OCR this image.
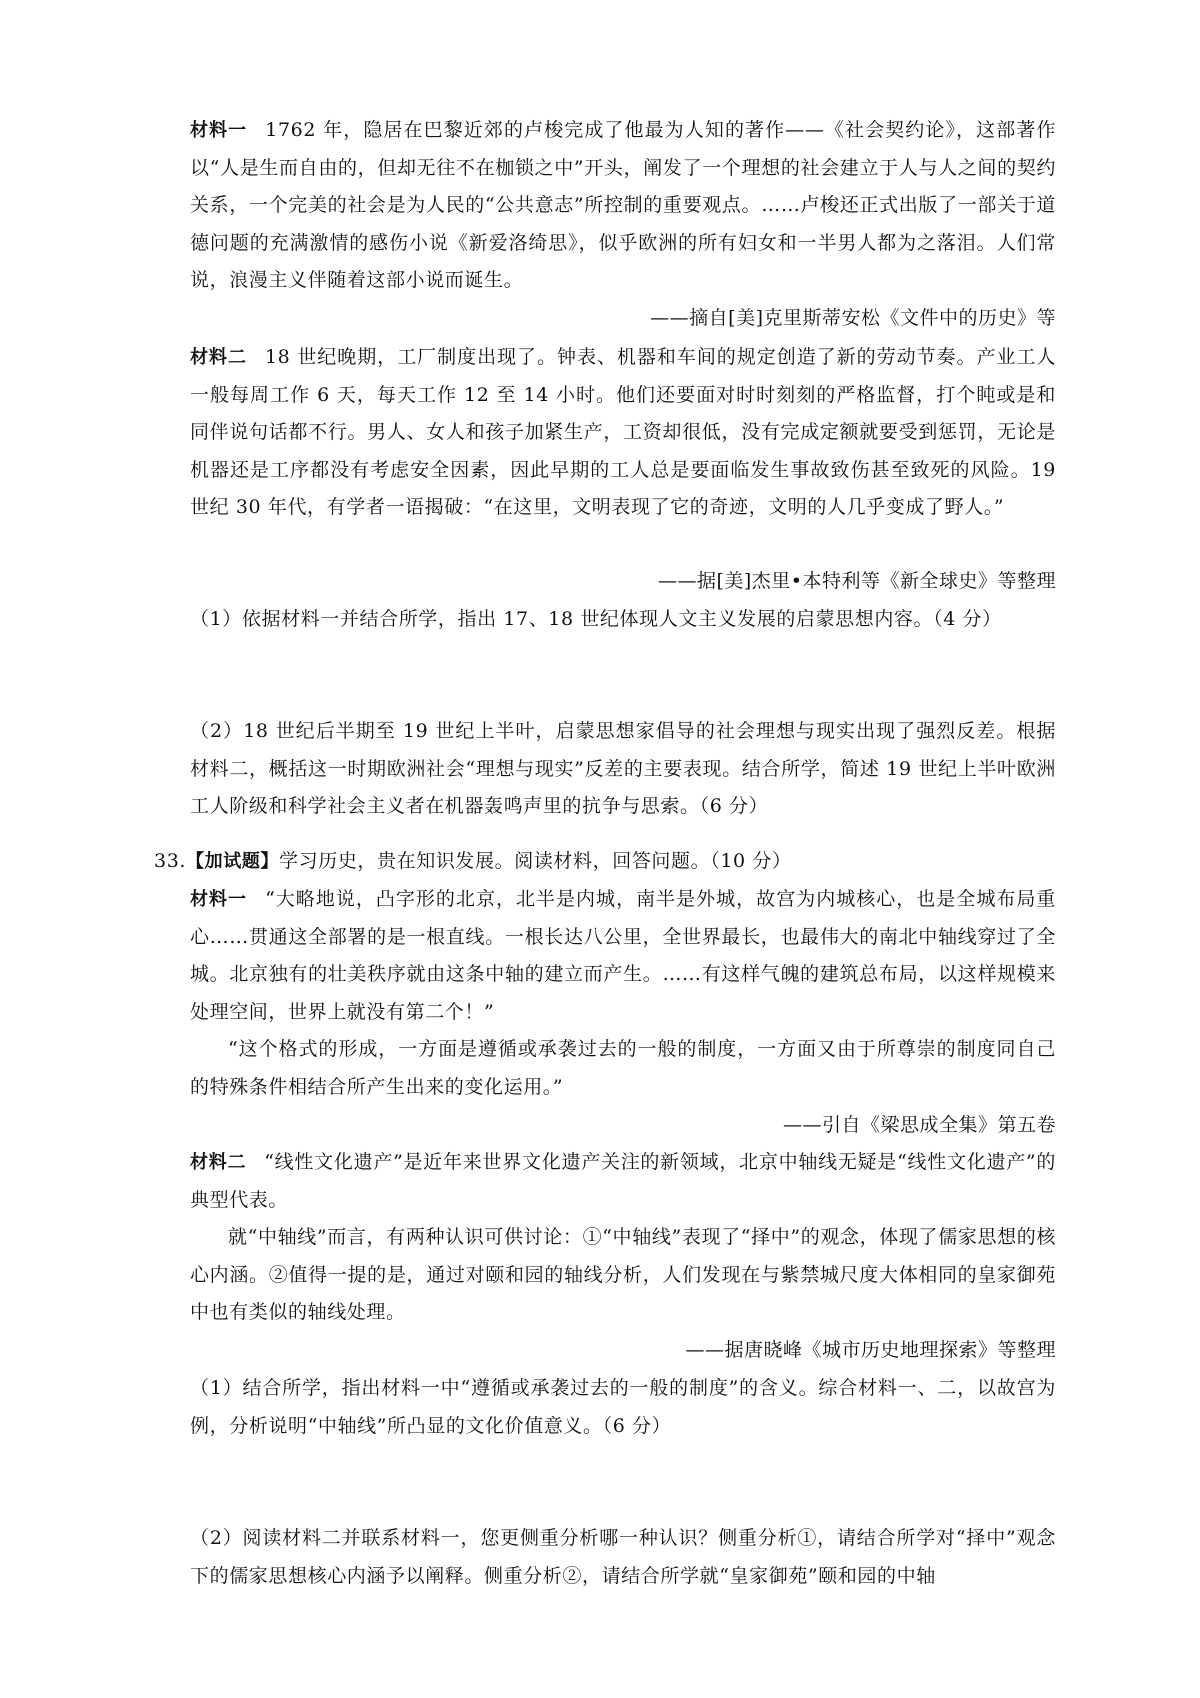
材料一 1762 年，隐居在巴黎近郊的卢梭完成了他最为人知的著作——《社会契约论》，这部著作以“人是生而自由的，但却无往不在枷锁之中”开头，阐发了一个理想的社会建立于人与人之间的契约关系，一个完美的社会是为人民的“公共意志”所控制的重要观点。……卢梭还正式出版了一部关于道德问题的充满激情的感伤小说《新爱洛绮思》，似乎欧洲的所有妇女和一半男人都为之落泪。人们常说，浪漫主义伴随着这部小说而诞生。

——摘自[美]克里斯蒂安松《文件中的历史》等

材料二 18 世纪晚期，工厂制度出现了。钟表、机器和车间的规定创造了新的劳动节奏。产业工人一般每周工作 6 天，每天工作 12 至 14 小时。他们还要面对时时刻刻的严格监督，打个盹或是和同伴说句话都不行。男人、女人和孩子加紧生产，工资却很低，没有完成定额就要受到惩罚，无论是机器还是工序都没有考虑安全因素，因此早期的工人总是要面临发生事故致伤甚至致死的风险。19 世纪 30 年代，有学者一语揭破：“在这里，文明表现了它的奇迹，文明的人几乎变成了野人。”

——据[美]杰里•本特利等《新全球史》等整理

（1）依据材料一并结合所学，指出 17、18 世纪体现人文主义发展的启蒙思想内容。（4 分）

（2）18 世纪后半期至 19 世纪上半叶，启蒙思想家倡导的社会理想与现实出现了强烈反差。根据材料二，概括这一时期欧洲社会“理想与现实”反差的主要表现。结合所学，简述 19 世纪上半叶欧洲工人阶级和科学社会主义者在机器轰鸣声里的抗争与思索。（6 分）

33.【加试题】学习历史，贵在知识发展。阅读材料，回答问题。（10 分）

材料一 “大略地说，凸字形的北京，北半是内城，南半是外城，故宫为内城核心，也是全城布局重心……贯通这全部署的是一根直线。一根长达八公里，全世界最长，也最伟大的南北中轴线穿过了全城。北京独有的壮美秩序就由这条中轴的建立而产生。……有这样气魄的建筑总布局，以这样规模来处理空间，世界上就没有第二个！”

“这个格式的形成，一方面是遵循或承袭过去的一般的制度，一方面又由于所尊崇的制度同自己的特殊条件相结合所产生出来的变化运用。”

——引自《梁思成全集》第五卷

材料二 “线性文化遗产”是近年来世界文化遗产关注的新领域，北京中轴线无疑是“线性文化遗产”的典型代表。

就“中轴线”而言，有两种认识可供讨论：①“中轴线”表现了“择中”的观念，体现了儒家思想的核心内涵。②值得一提的是，通过对颐和园的轴线分析，人们发现在与紫禁城尺度大体相同的皇家御苑中也有类似的轴线处理。

——据唐晓峰《城市历史地理探索》等整理

（1）结合所学，指出材料一中“遵循或承袭过去的一般的制度”的含义。综合材料一、二，以故宫为例，分析说明“中轴线”所凸显的文化价值意义。（6 分）

（2）阅读材料二并联系材料一，您更侧重分析哪一种认识？侧重分析①，请结合所学对“择中”观念下的儒家思想核心内涵予以阐释。侧重分析②，请结合所学就“皇家御苑”颐和园的中轴
